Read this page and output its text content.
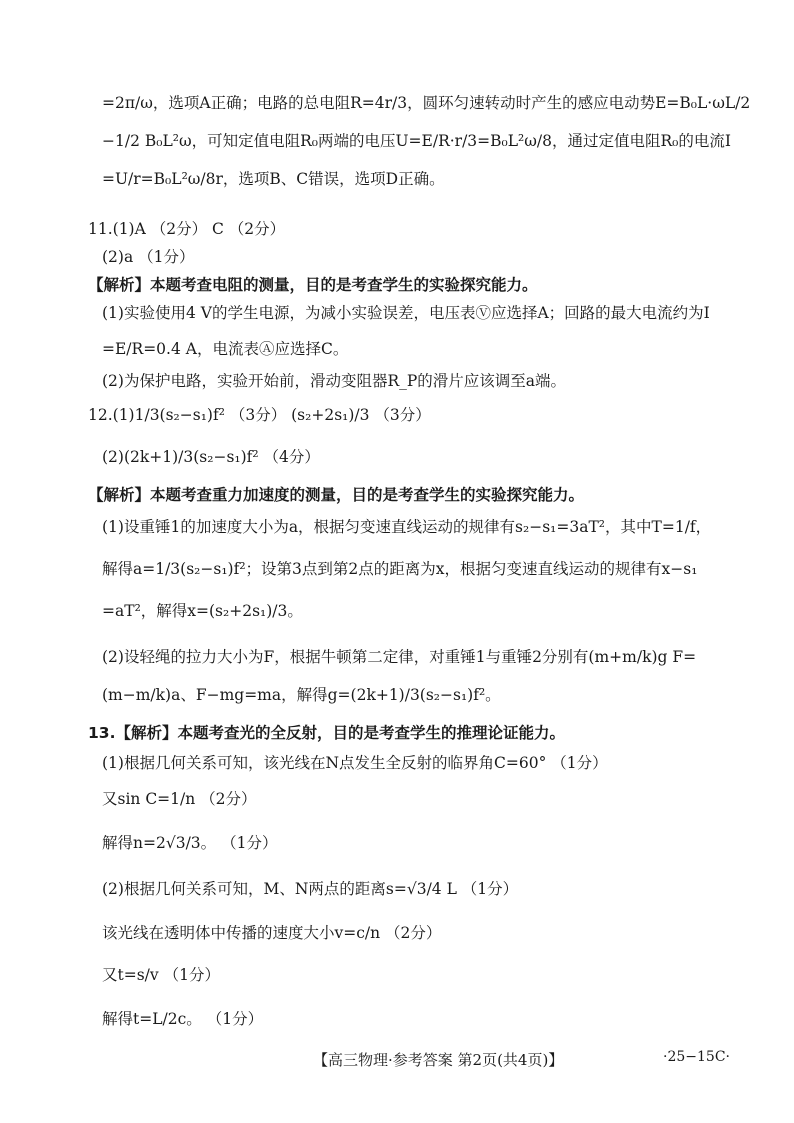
=2π/ω，选项A正确；电路的总电阻R=4r/3，圆环匀速转动时产生的感应电动势E=B₀L·ωL/2
−1/2 B₀L²ω，可知定值电阻R₀两端的电压U=E/R·r/3=B₀L²ω/8，通过定值电阻R₀的电流I
=U/r=B₀L²ω/8r，选项B、C错误，选项D正确。
11.(1)A （2分） C （2分）
(2)a （1分）
【解析】本题考查电阻的测量，目的是考查学生的实验探究能力。
(1)实验使用4 V的学生电源，为减小实验误差，电压表Ⓥ应选择A；回路的最大电流约为I
=E/R=0.4 A，电流表Ⓐ应选择C。
(2)为保护电路，实验开始前，滑动变阻器R_P的滑片应该调至a端。
12.(1)1/3(s₂−s₁)f² （3分） (s₂+2s₁)/3 （3分）
(2)(2k+1)/3(s₂−s₁)f² （4分）
【解析】本题考查重力加速度的测量，目的是考查学生的实验探究能力。
(1)设重锤1的加速度大小为a，根据匀变速直线运动的规律有s₂−s₁=3aT²，其中T=1/f，
解得a=1/3(s₂−s₁)f²；设第3点到第2点的距离为x，根据匀变速直线运动的规律有x−s₁
=aT²，解得x=(s₂+2s₁)/3。
(2)设轻绳的拉力大小为F，根据牛顿第二定律，对重锤1与重锤2分别有(m+m/k)g F=
(m−m/k)a、F−mg=ma，解得g=(2k+1)/3(s₂−s₁)f²。
13.【解析】本题考查光的全反射，目的是考查学生的推理论证能力。
(1)根据几何关系可知，该光线在N点发生全反射的临界角C=60° （1分）
又sin C=1/n （2分）
解得n=2√3/3。 （1分）
(2)根据几何关系可知，M、N两点的距离s=√3/4 L （1分）
该光线在透明体中传播的速度大小v=c/n （2分）
又t=s/v （1分）
解得t=L/2c。 （1分）
【高三物理·参考答案 第2页(共4页)】	·25−15C·
